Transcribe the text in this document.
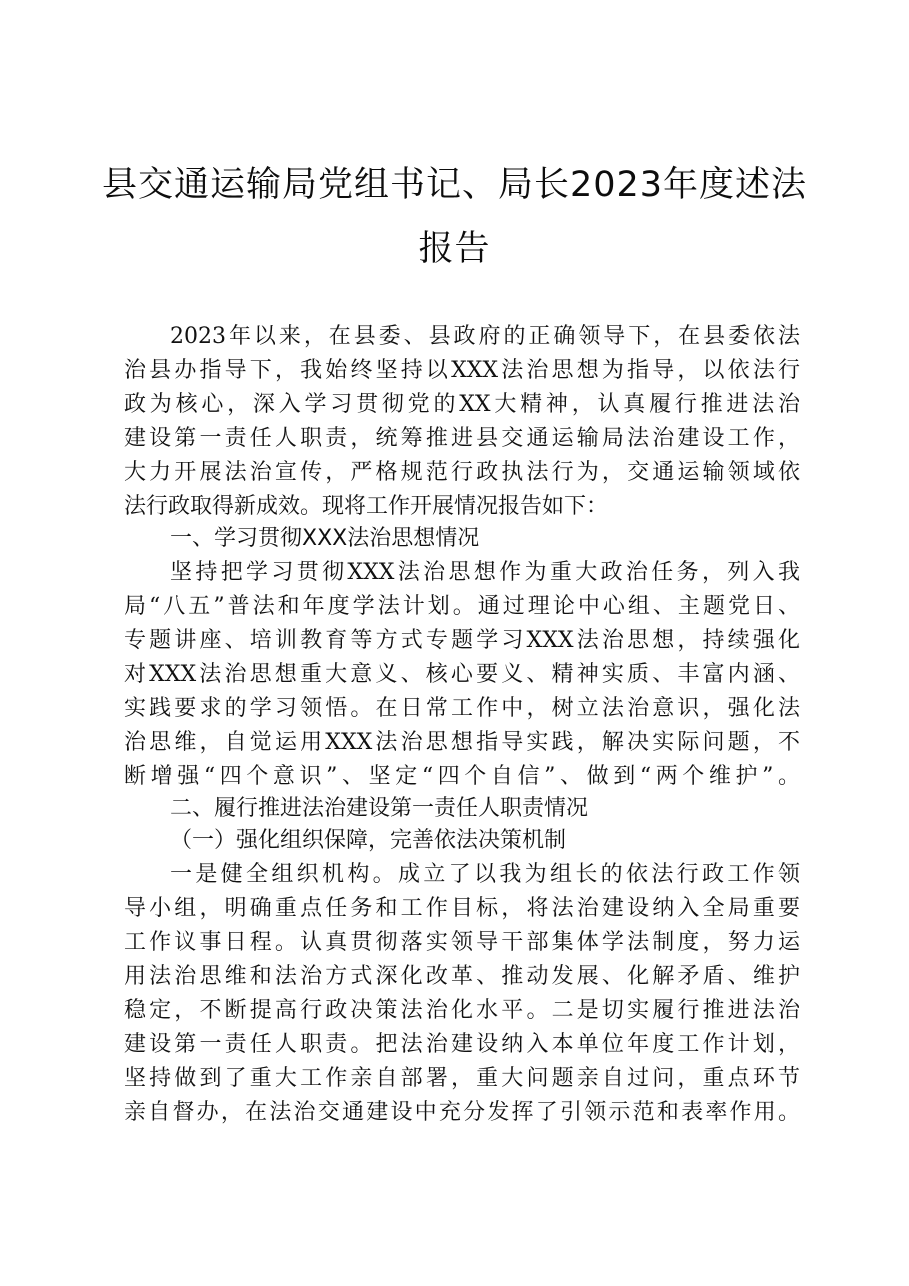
县交通运输局党组书记、局长2023年度述法
报告
2023年以来，在县委、县政府的正确领导下，在县委依法
治县办指导下，我始终坚持以XXX法治思想为指导，以依法行
政为核心，深入学习贯彻党的XX大精神，认真履行推进法治
建设第一责任人职责，统筹推进县交通运输局法治建设工作，
大力开展法治宣传，严格规范行政执法行为，交通运输领域依
法行政取得新成效。现将工作开展情况报告如下：
一、学习贯彻XXX法治思想情况
坚持把学习贯彻XXX法治思想作为重大政治任务，列入我
局“八五”普法和年度学法计划。通过理论中心组、主题党日、
专题讲座、培训教育等方式专题学习XXX法治思想，持续强化
对XXX法治思想重大意义、核心要义、精神实质、丰富内涵、
实践要求的学习领悟。在日常工作中，树立法治意识，强化法
治思维，自觉运用XXX法治思想指导实践，解决实际问题，不
断增强“四个意识”、坚定“四个自信”、做到“两个维护”。
二、履行推进法治建设第一责任人职责情况
（一）强化组织保障，完善依法决策机制
一是健全组织机构。成立了以我为组长的依法行政工作领
导小组，明确重点任务和工作目标，将法治建设纳入全局重要
工作议事日程。认真贯彻落实领导干部集体学法制度，努力运
用法治思维和法治方式深化改革、推动发展、化解矛盾、维护
稳定，不断提高行政决策法治化水平。二是切实履行推进法治
建设第一责任人职责。把法治建设纳入本单位年度工作计划，
坚持做到了重大工作亲自部署，重大问题亲自过问，重点环节
亲自督办，在法治交通建设中充分发挥了引领示范和表率作用。
